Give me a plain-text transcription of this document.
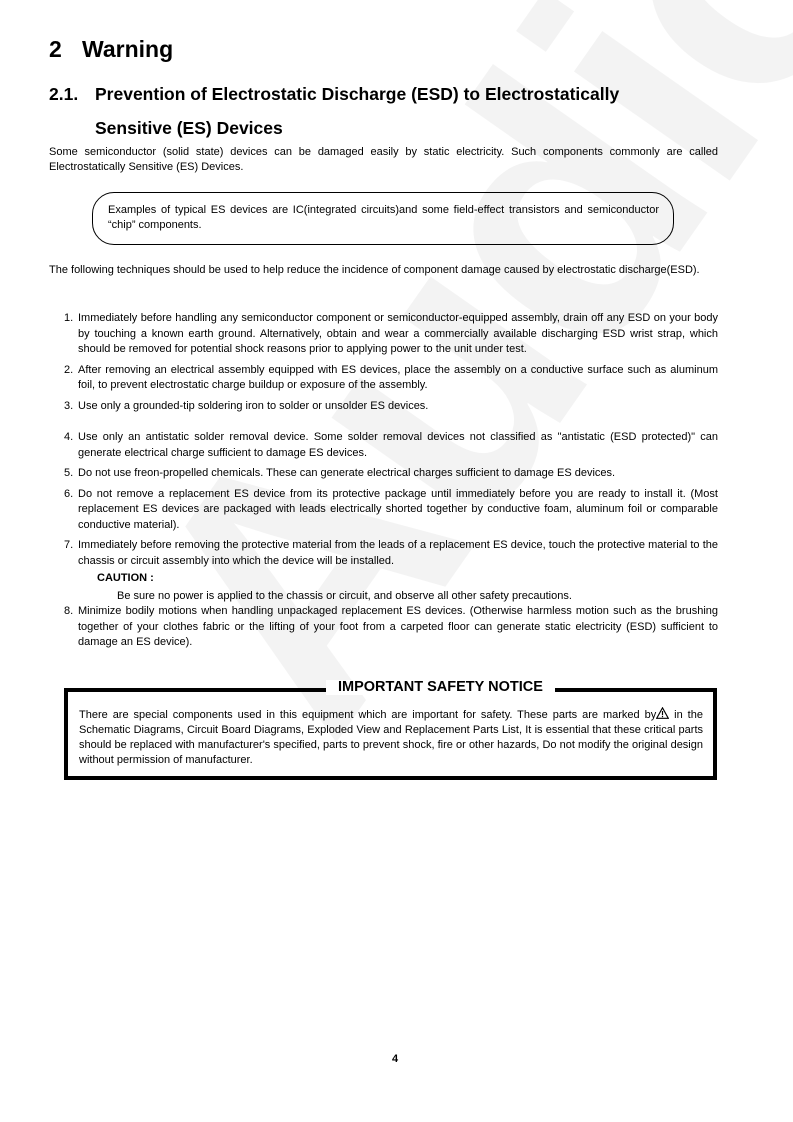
2 Warning
2.1. Prevention of Electrostatic Discharge (ESD) to Electrostatically
Sensitive (ES) Devices

Some semiconductor (solid state) devices can be damaged easily by static electricity. Such components commonly are called Electrostatically Sensitive (ES) Devices.

Examples of typical ES devices are IC(integrated circuits)and some field-effect transistors and semiconductor “chip” components.

The following techniques should be used to help reduce the incidence of component damage caused by electrostatic discharge(ESD).

1. Immediately before handling any semiconductor component or semiconductor-equipped assembly, drain off any ESD on your body by touching a known earth ground. Alternatively, obtain and wear a commercially available discharging ESD wrist strap, which should be removed for potential shock reasons prior to applying power to the unit under test.
2. After removing an electrical assembly equipped with ES devices, place the assembly on a conductive surface such as aluminum foil, to prevent electrostatic charge buildup or exposure of the assembly.
3. Use only a grounded-tip soldering iron to solder or unsolder ES devices.
4. Use only an antistatic solder removal device. Some solder removal devices not classified as "antistatic (ESD protected)" can generate electrical charge sufficient to damage ES devices.
5. Do not use freon-propelled chemicals. These can generate electrical charges sufficient to damage ES devices.
6. Do not remove a replacement ES device from its protective package until immediately before you are ready to install it. (Most replacement ES devices are packaged with leads electrically shorted together by conductive foam, aluminum foil or comparable conductive material).
7. Immediately before removing the protective material from the leads of a replacement ES device, touch the protective material to the chassis or circuit assembly into which the device will be installed.
CAUTION :
Be sure no power is applied to the chassis or circuit, and observe all other safety precautions.
8. Minimize bodily motions when handling unpackaged replacement ES devices. (Otherwise harmless motion such as the brushing together of your clothes fabric or the lifting of your foot from a carpeted floor can generate static electricity (ESD) sufficient to damage an ES device).
IMPORTANT SAFETY NOTICE

There are special components used in this equipment which are important for safety. These parts are marked by in the Schematic Diagrams, Circuit Board Diagrams, Exploded View and Replacement Parts List, It is essential that these critical parts should be replaced with manufacturer's specified, parts to prevent shock, fire or other hazards, Do not modify the original design without permission of manufacturer.

4
